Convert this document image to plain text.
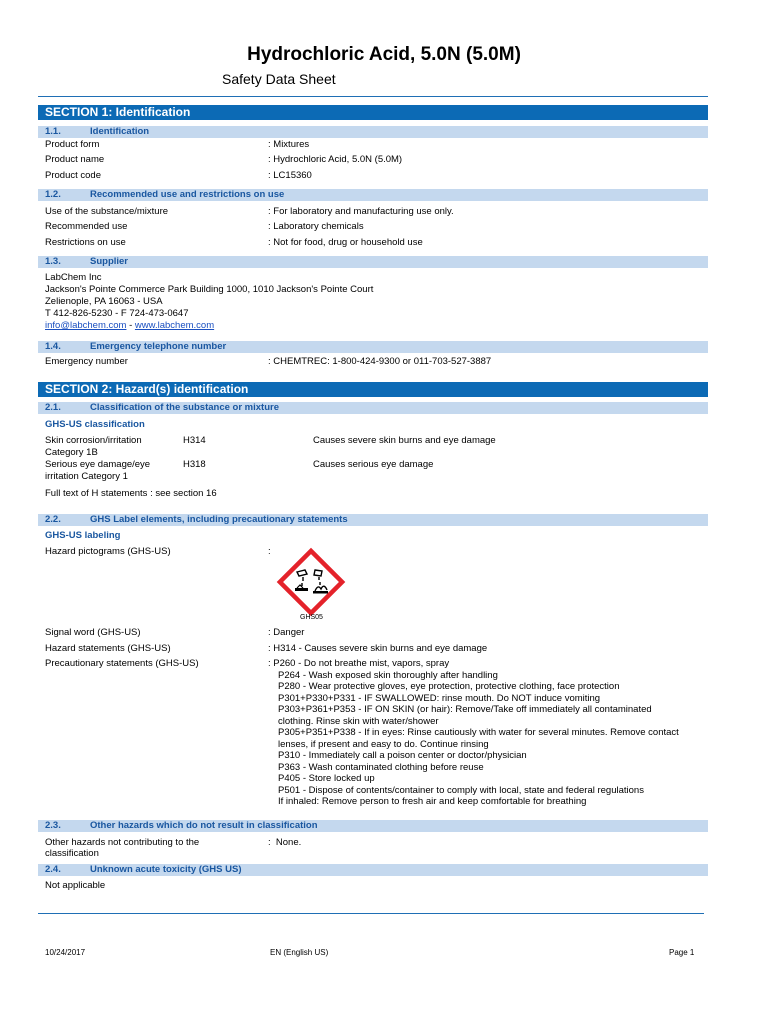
Hydrochloric Acid, 5.0N (5.0M)
Safety Data Sheet
SECTION 1: Identification
1.1.	Identification
Product form	: Mixtures
Product name	: Hydrochloric Acid, 5.0N (5.0M)
Product code	: LC15360
1.2.	Recommended use and restrictions on use
Use of the substance/mixture	: For laboratory and manufacturing use only.
Recommended use	: Laboratory chemicals
Restrictions on use	: Not for food, drug or household use
1.3.	Supplier
LabChem Inc
Jackson's Pointe Commerce Park Building 1000, 1010 Jackson's Pointe Court
Zelienople, PA 16063 - USA
T 412-826-5230 - F 724-473-0647
info@labchem.com - www.labchem.com
1.4.	Emergency telephone number
Emergency number	: CHEMTREC: 1-800-424-9300 or 011-703-527-3887
SECTION 2: Hazard(s) identification
2.1.	Classification of the substance or mixture
GHS-US classification
Skin corrosion/irritation
Category 1B
H314	Causes severe skin burns and eye damage
Serious eye damage/eye
irritation Category 1
H318	Causes serious eye damage
Full text of H statements : see section 16
2.2.	GHS Label elements, including precautionary statements
GHS-US labeling
Hazard pictograms (GHS-US)	:
GHS05
Signal word (GHS-US)	: Danger
Hazard statements (GHS-US)	: H314 - Causes severe skin burns and eye damage
Precautionary statements (GHS-US)	: P260 - Do not breathe mist, vapors, spray
P264 - Wash exposed skin thoroughly after handling
P280 - Wear protective gloves, eye protection, protective clothing, face protection
P301+P330+P331 - IF SWALLOWED: rinse mouth. Do NOT induce vomiting
P303+P361+P353 - IF ON SKIN (or hair): Remove/Take off immediately all contaminated
clothing. Rinse skin with water/shower
P305+P351+P338 - If in eyes: Rinse cautiously with water for several minutes. Remove contact
lenses, if present and easy to do. Continue rinsing
P310 - Immediately call a poison center or doctor/physician
P363 - Wash contaminated clothing before reuse
P405 - Store locked up
P501 - Dispose of contents/container to comply with local, state and federal regulations
If inhaled: Remove person to fresh air and keep comfortable for breathing
2.3.	Other hazards which do not result in classification
Other hazards not contributing to the
classification
:  None.
2.4.	Unknown acute toxicity (GHS US)
Not applicable
10/24/2017	EN (English US)	Page 1
